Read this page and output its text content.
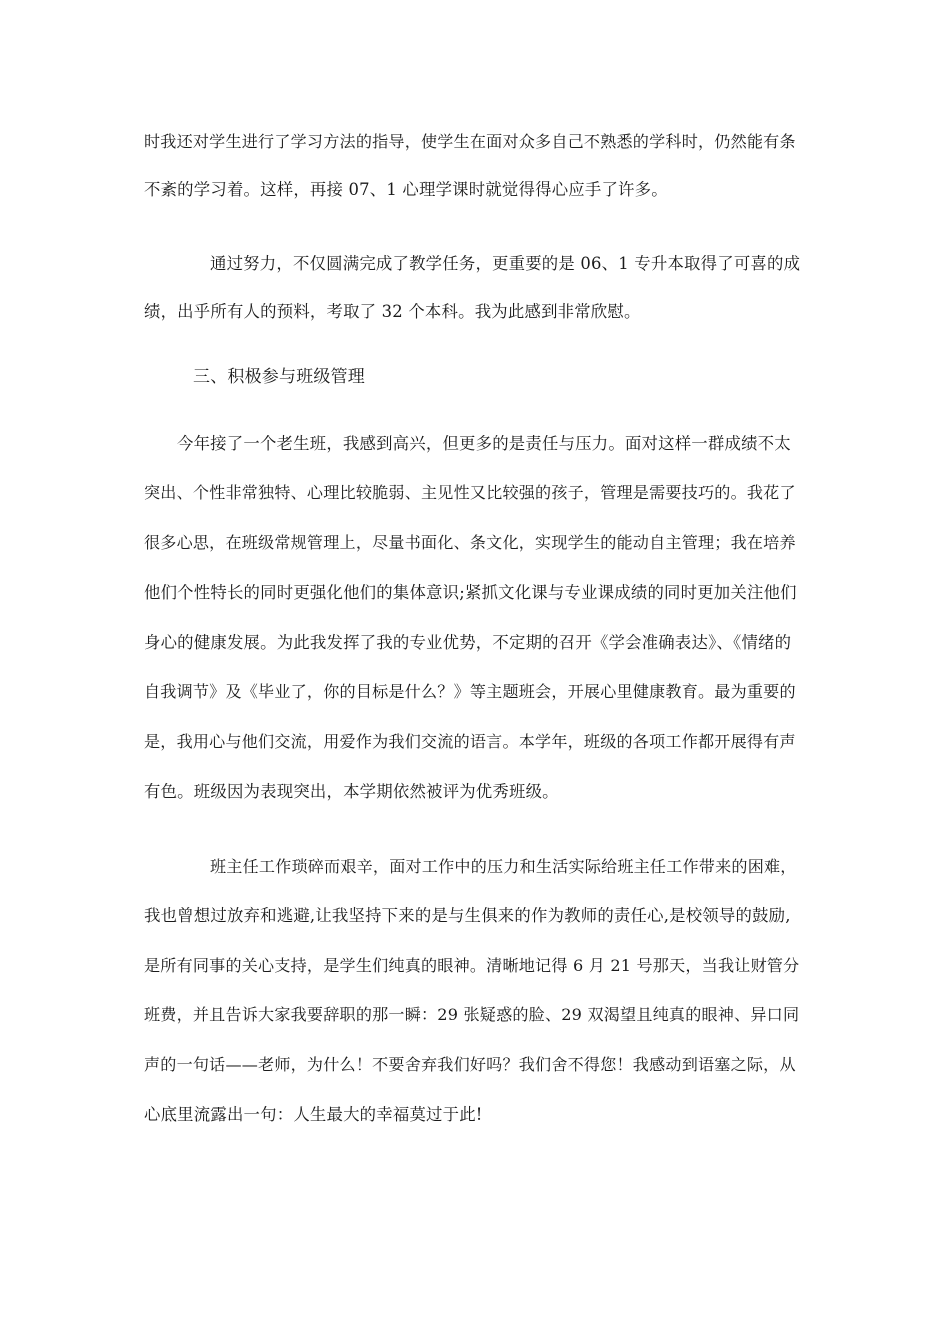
时我还对学生进行了学习方法的指导，使学生在面对众多自己不熟悉的学科时，仍然能有条
不紊的学习着。这样，再接 07、1 心理学课时就觉得得心应手了许多。
通过努力，不仅圆满完成了教学任务，更重要的是 06、1 专升本取得了可喜的成
绩，出乎所有人的预料，考取了 32 个本科。我为此感到非常欣慰。
三、积极参与班级管理
今年接了一个老生班，我感到高兴，但更多的是责任与压力。面对这样一群成绩不太
突出、个性非常独特、心理比较脆弱、主见性又比较强的孩子，管理是需要技巧的。我花了
很多心思，在班级常规管理上，尽量书面化、条文化，实现学生的能动自主管理；我在培养
他们个性特长的同时更强化他们的集体意识;紧抓文化课与专业课成绩的同时更加关注他们
身心的健康发展。为此我发挥了我的专业优势，不定期的召开《学会准确表达》、《情绪的
自我调节》及《毕业了，你的目标是什么？》等主题班会，开展心里健康教育。最为重要的
是，我用心与他们交流，用爱作为我们交流的语言。本学年，班级的各项工作都开展得有声
有色。班级因为表现突出，本学期依然被评为优秀班级。
班主任工作琐碎而艰辛，面对工作中的压力和生活实际给班主任工作带来的困难，
我也曾想过放弃和逃避,让我坚持下来的是与生俱来的作为教师的责任心,是校领导的鼓励,
是所有同事的关心支持，是学生们纯真的眼神。清晰地记得 6 月 21 号那天，当我让财管分
班费，并且告诉大家我要辞职的那一瞬：29 张疑惑的脸、29 双渴望且纯真的眼神、异口同
声的一句话——老师，为什么！不要舍弃我们好吗？我们舍不得您！我感动到语塞之际，从
心底里流露出一句：人生最大的幸福莫过于此!
